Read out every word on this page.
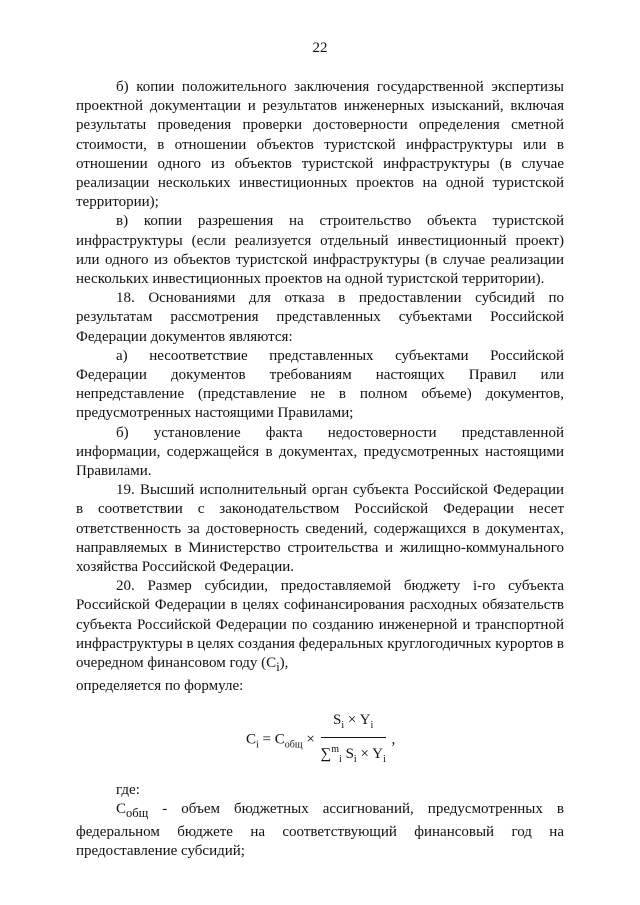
22

б) копии положительного заключения государственной экспертизы проектной документации и результатов инженерных изысканий, включая результаты проведения проверки достоверности определения сметной стоимости, в отношении объектов туристской инфраструктуры или в отношении одного из объектов туристской инфраструктуры (в случае реализации нескольких инвестиционных проектов на одной туристской территории);

в) копии разрешения на строительство объекта туристской инфраструктуры (если реализуется отдельный инвестиционный проект) или одного из объектов туристской инфраструктуры (в случае реализации нескольких инвестиционных проектов на одной туристской территории).

18. Основаниями для отказа в предоставлении субсидий по результатам рассмотрения представленных субъектами Российской Федерации документов являются:

а) несоответствие представленных субъектами Российской Федерации документов требованиям настоящих Правил или непредставление (представление не в полном объеме) документов, предусмотренных настоящими Правилами;

б) установление факта недостоверности представленной информации, содержащейся в документах, предусмотренных настоящими Правилами.

19. Высший исполнительный орган субъекта Российской Федерации в соответствии с законодательством Российской Федерации несет ответственность за достоверность сведений, содержащихся в документах, направляемых в Министерство строительства и жилищно-коммунального хозяйства Российской Федерации.

20. Размер субсидии, предоставляемой бюджету i-го субъекта Российской Федерации в целях софинансирования расходных обязательств субъекта Российской Федерации по созданию инженерной и транспортной инфраструктуры в целях создания федеральных круглогодичных курортов в очередном финансовом году $(C_i)$,

определяется по формуле:

$C_i = C_{общ} \times \frac{S_i \times Y_i}{\sum^m_i S_i \times Y_i}$ ,

где:

$C_{общ}$ - объем бюджетных ассигнований, предусмотренных в федеральном бюджете на соответствующий финансовый год на предоставление субсидий;
